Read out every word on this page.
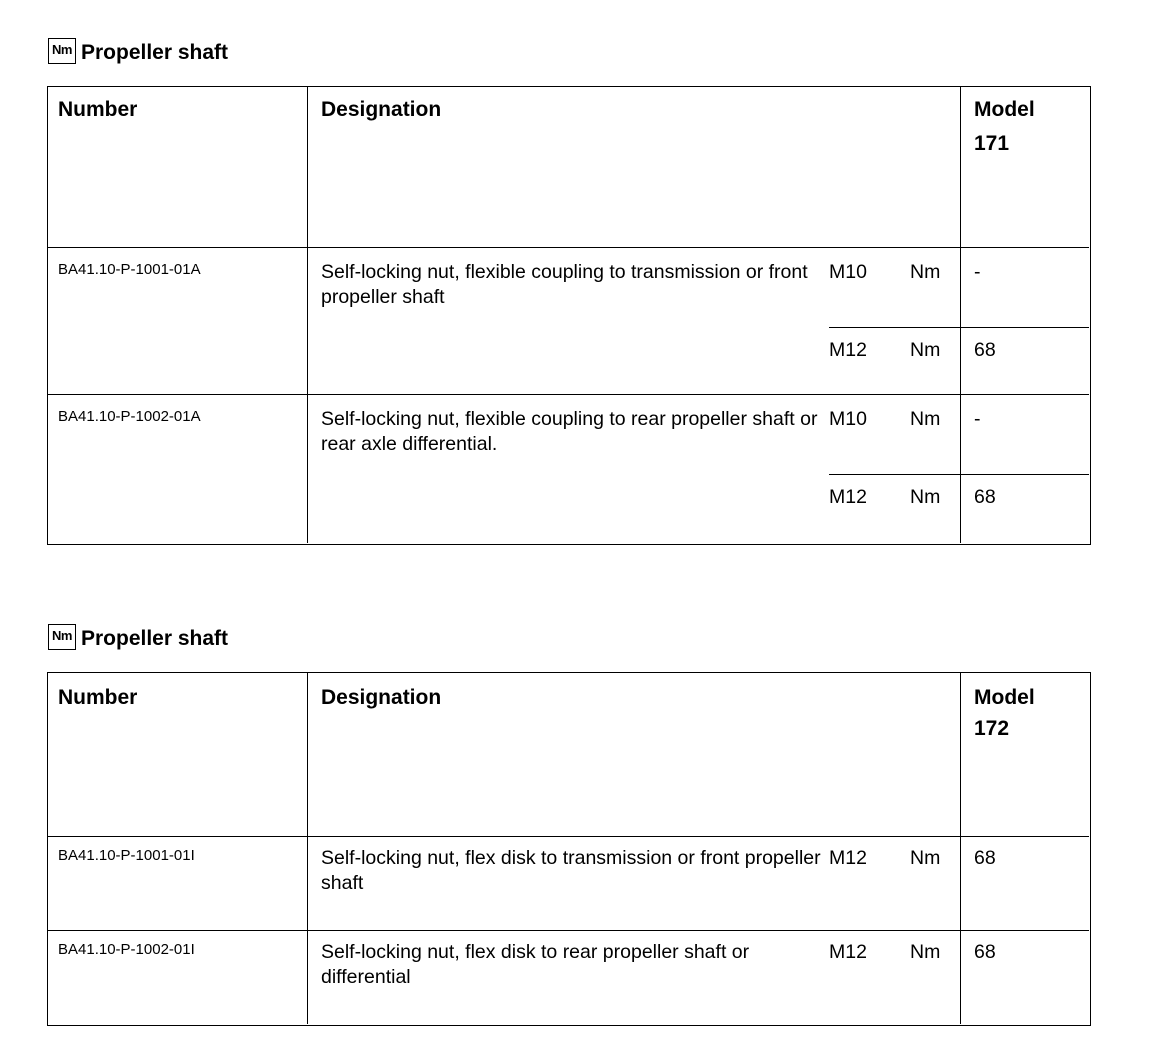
Nm Propeller shaft
Number	Designation	Model
171
BA41.10-P-1001-01A	Self-locking nut, flexible coupling to transmission or front propeller shaft
M10 Nm -
M12 Nm 68
BA41.10-P-1002-01A	Self-locking nut, flexible coupling to rear propeller shaft or rear axle differential.
M10 Nm -
M12 Nm 68
Nm Propeller shaft
Number	Designation	Model
172
BA41.10-P-1001-01I	Self-locking nut, flex disk to transmission or front propeller shaft
M12 Nm 68
BA41.10-P-1002-01I	Self-locking nut, flex disk to rear propeller shaft or differential
M12 Nm 68
